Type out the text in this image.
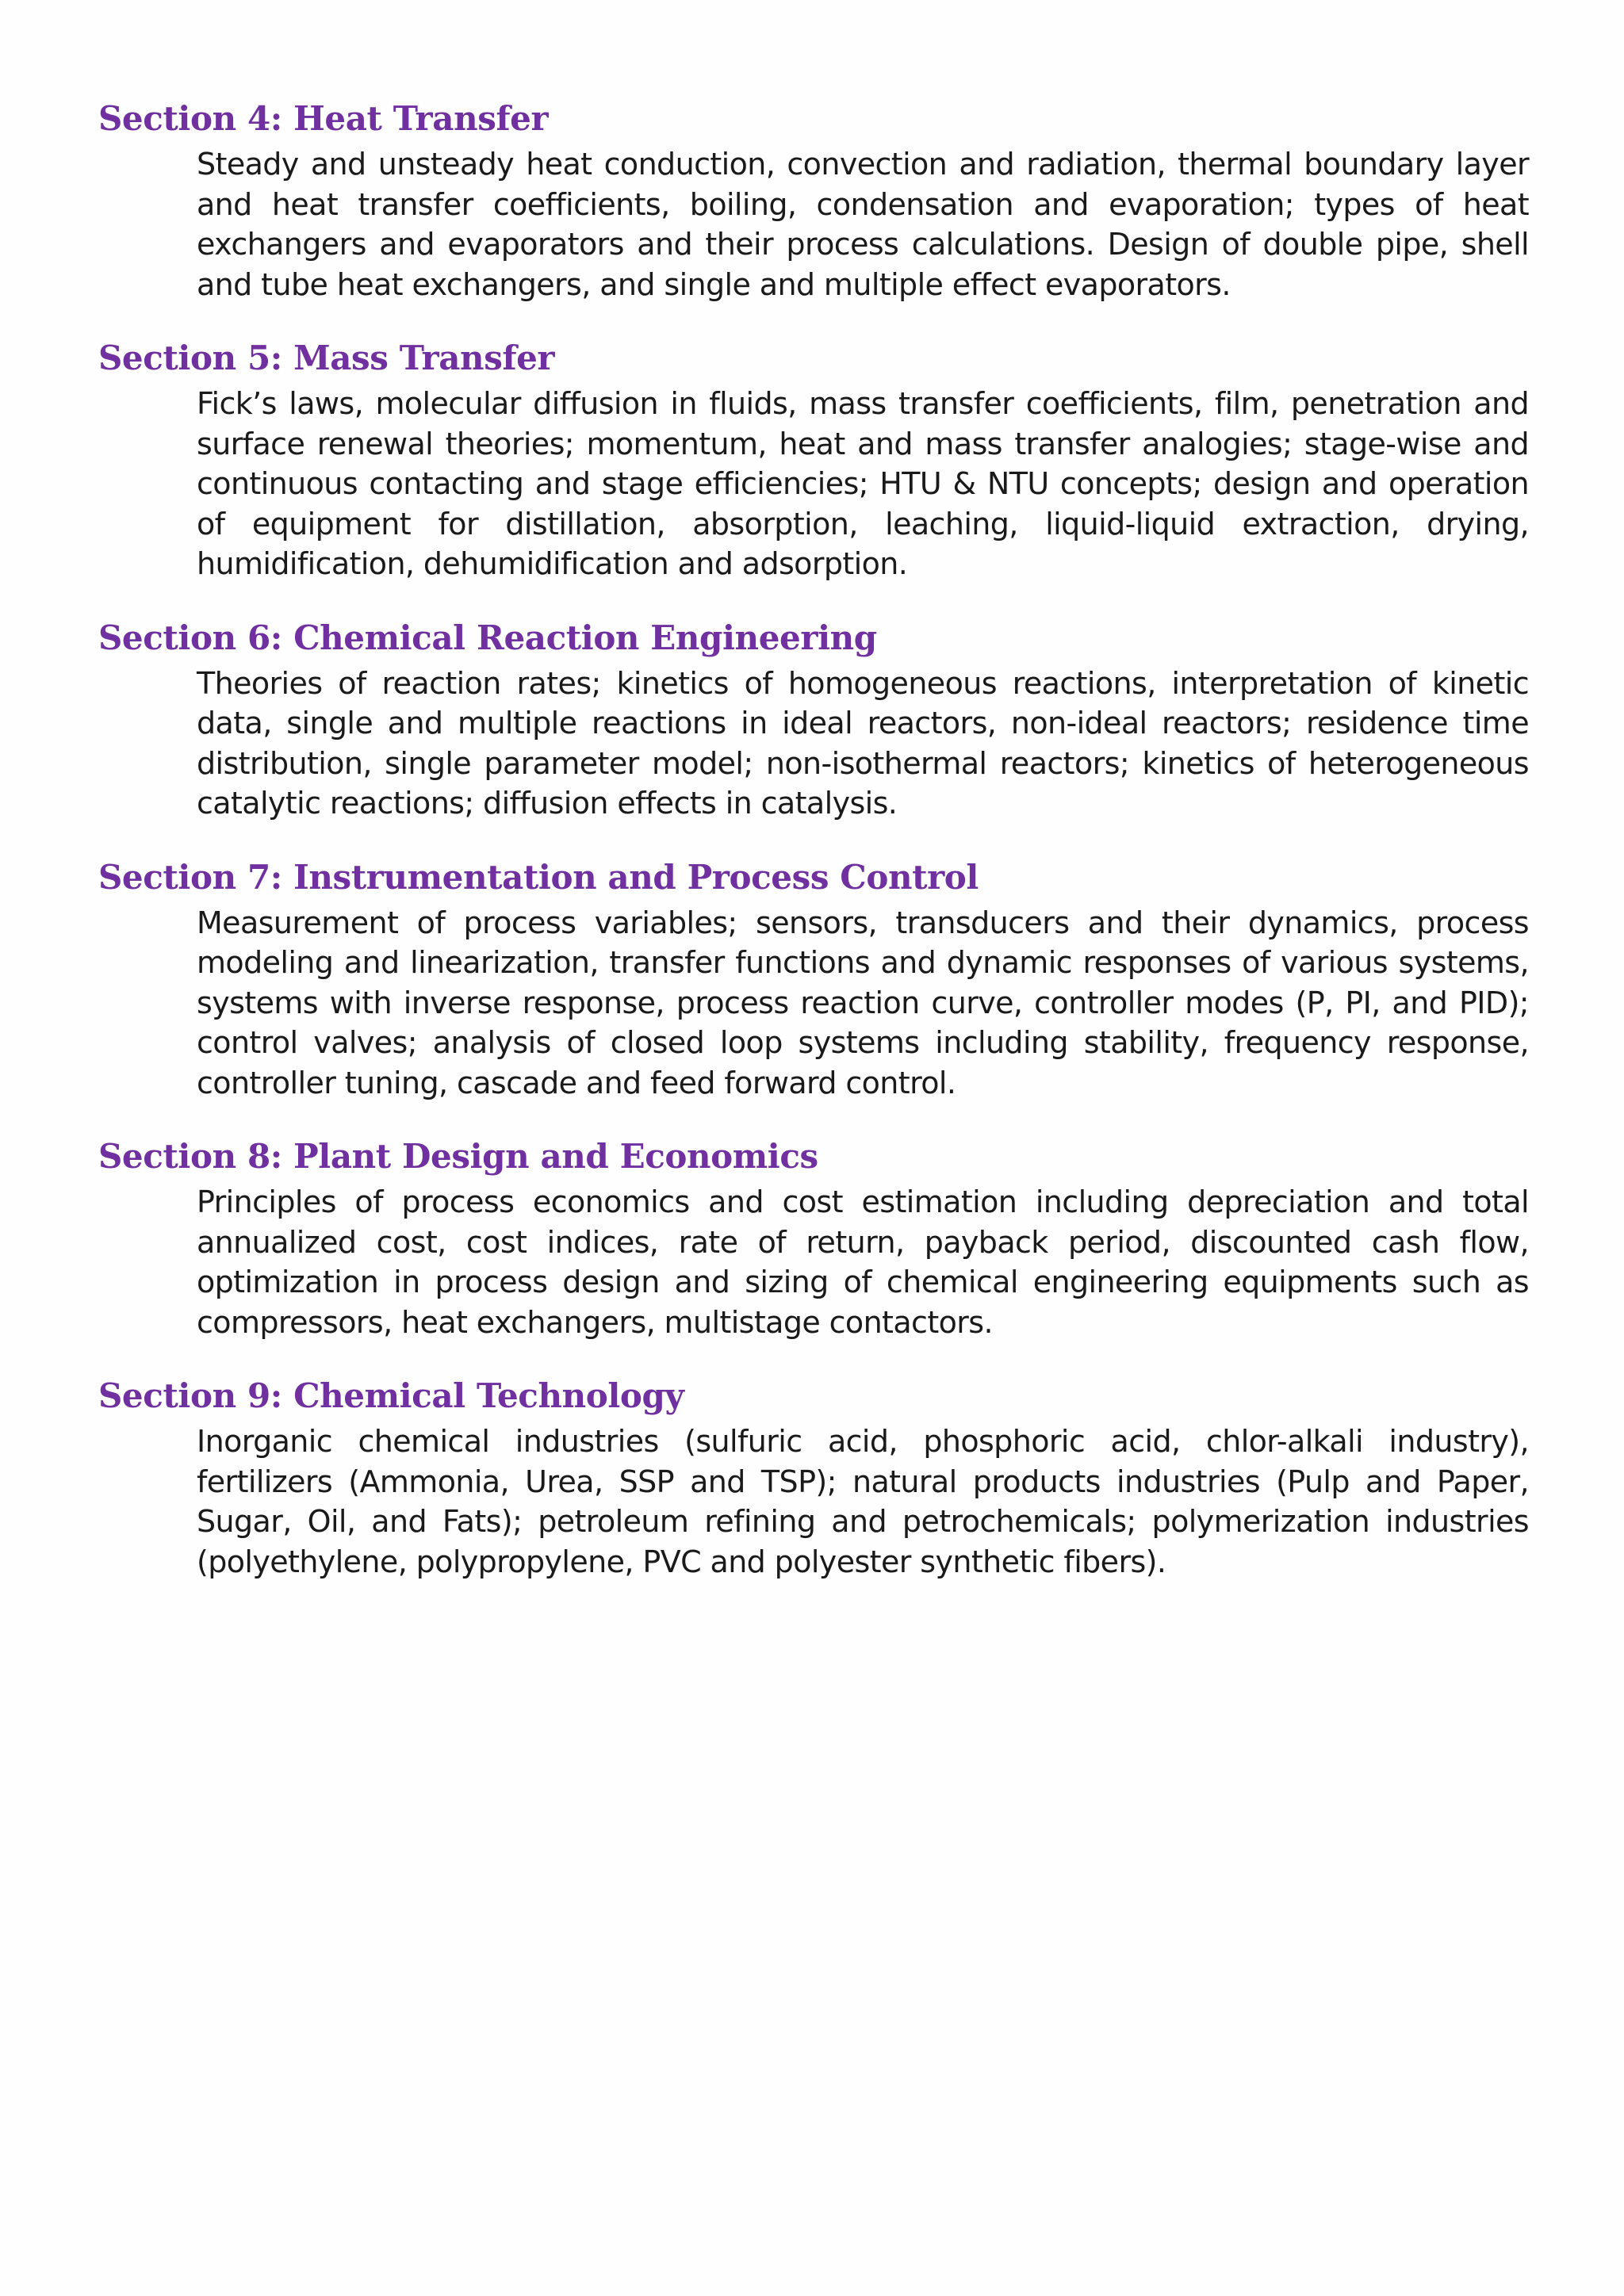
Section 4: Heat Transfer

Steady and unsteady heat conduction, convection and radiation, thermal boundary layer and heat transfer coefficients, boiling, condensation and evaporation; types of heat exchangers and evaporators and their process calculations. Design of double pipe, shell and tube heat exchangers, and single and multiple effect evaporators.

Section 5: Mass Transfer

Fick’s laws, molecular diffusion in fluids, mass transfer coefficients, film, penetration and surface renewal theories; momentum, heat and mass transfer analogies; stage-wise and continuous contacting and stage efficiencies; HTU & NTU concepts; design and operation of equipment for distillation, absorption, leaching, liquid-liquid extraction, drying, humidification, dehumidification and adsorption.

Section 6: Chemical Reaction Engineering

Theories of reaction rates; kinetics of homogeneous reactions, interpretation of kinetic data, single and multiple reactions in ideal reactors, non-ideal reactors; residence time distribution, single parameter model; non-isothermal reactors; kinetics of heterogeneous catalytic reactions; diffusion effects in catalysis.

Section 7: Instrumentation and Process Control

Measurement of process variables; sensors, transducers and their dynamics, process modeling and linearization, transfer functions and dynamic responses of various systems, systems with inverse response, process reaction curve, controller modes (P, PI, and PID); control valves; analysis of closed loop systems including stability, frequency response, controller tuning, cascade and feed forward control.

Section 8: Plant Design and Economics

Principles of process economics and cost estimation including depreciation and total annualized cost, cost indices, rate of return, payback period, discounted cash flow, optimization in process design and sizing of chemical engineering equipments such as compressors, heat exchangers, multistage contactors.

Section 9: Chemical Technology

Inorganic chemical industries (sulfuric acid, phosphoric acid, chlor-alkali industry), fertilizers (Ammonia, Urea, SSP and TSP); natural products industries (Pulp and Paper, Sugar, Oil, and Fats); petroleum refining and petrochemicals; polymerization industries (polyethylene, polypropylene, PVC and polyester synthetic fibers).
